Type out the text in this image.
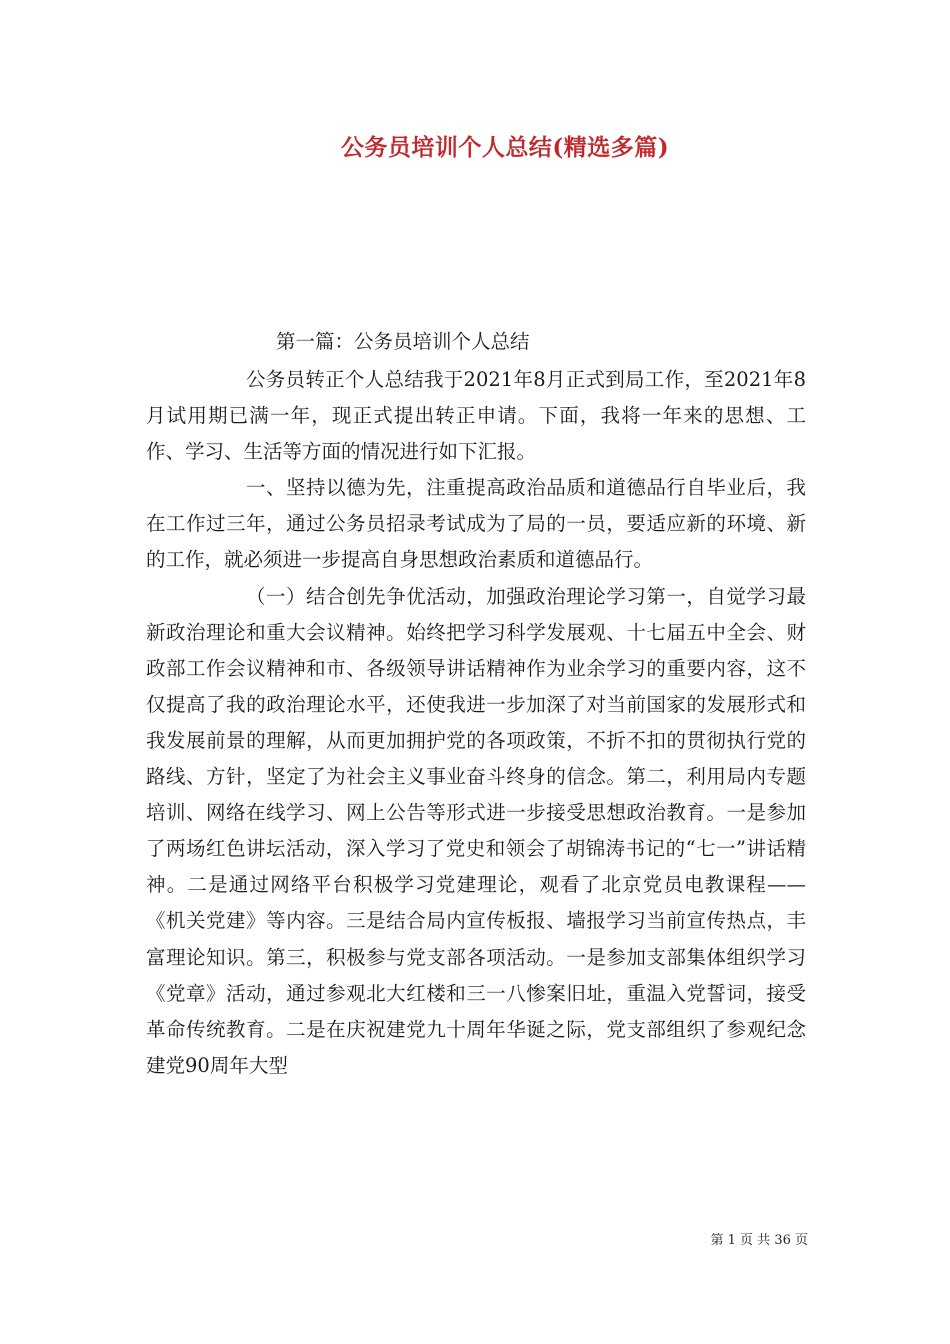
公务员培训个人总结(精选多篇)
第一篇：公务员培训个人总结

公务员转正个人总结我于2021年8月正式到局工作，至2021年8月试用期已满一年，现正式提出转正申请。下面，我将一年来的思想、工作、学习、生活等方面的情况进行如下汇报。

一、坚持以德为先，注重提高政治品质和道德品行自毕业后，我在工作过三年，通过公务员招录考试成为了局的一员，要适应新的环境、新的工作，就必须进一步提高自身思想政治素质和道德品行。

（一）结合创先争优活动，加强政治理论学习第一，自觉学习最新政治理论和重大会议精神。始终把学习科学发展观、十七届五中全会、财政部工作会议精神和市、各级领导讲话精神作为业余学习的重要内容，这不仅提高了我的政治理论水平，还使我进一步加深了对当前国家的发展形式和我发展前景的理解，从而更加拥护党的各项政策，不折不扣的贯彻执行党的路线、方针，坚定了为社会主义事业奋斗终身的信念。第二，利用局内专题培训、网络在线学习、网上公告等形式进一步接受思想政治教育。一是参加了两场红色讲坛活动，深入学习了党史和领会了胡锦涛书记的“七一”讲话精神。二是通过网络平台积极学习党建理论，观看了北京党员电教课程——《机关党建》等内容。三是结合局内宣传板报、墙报学习当前宣传热点，丰富理论知识。第三，积极参与党支部各项活动。一是参加支部集体组织学习《党章》活动，通过参观北大红楼和三一八惨案旧址，重温入党誓词，接受革命传统教育。二是在庆祝建党九十周年华诞之际，党支部组织了参观纪念建党90周年大型

第 1 页 共 36 页
